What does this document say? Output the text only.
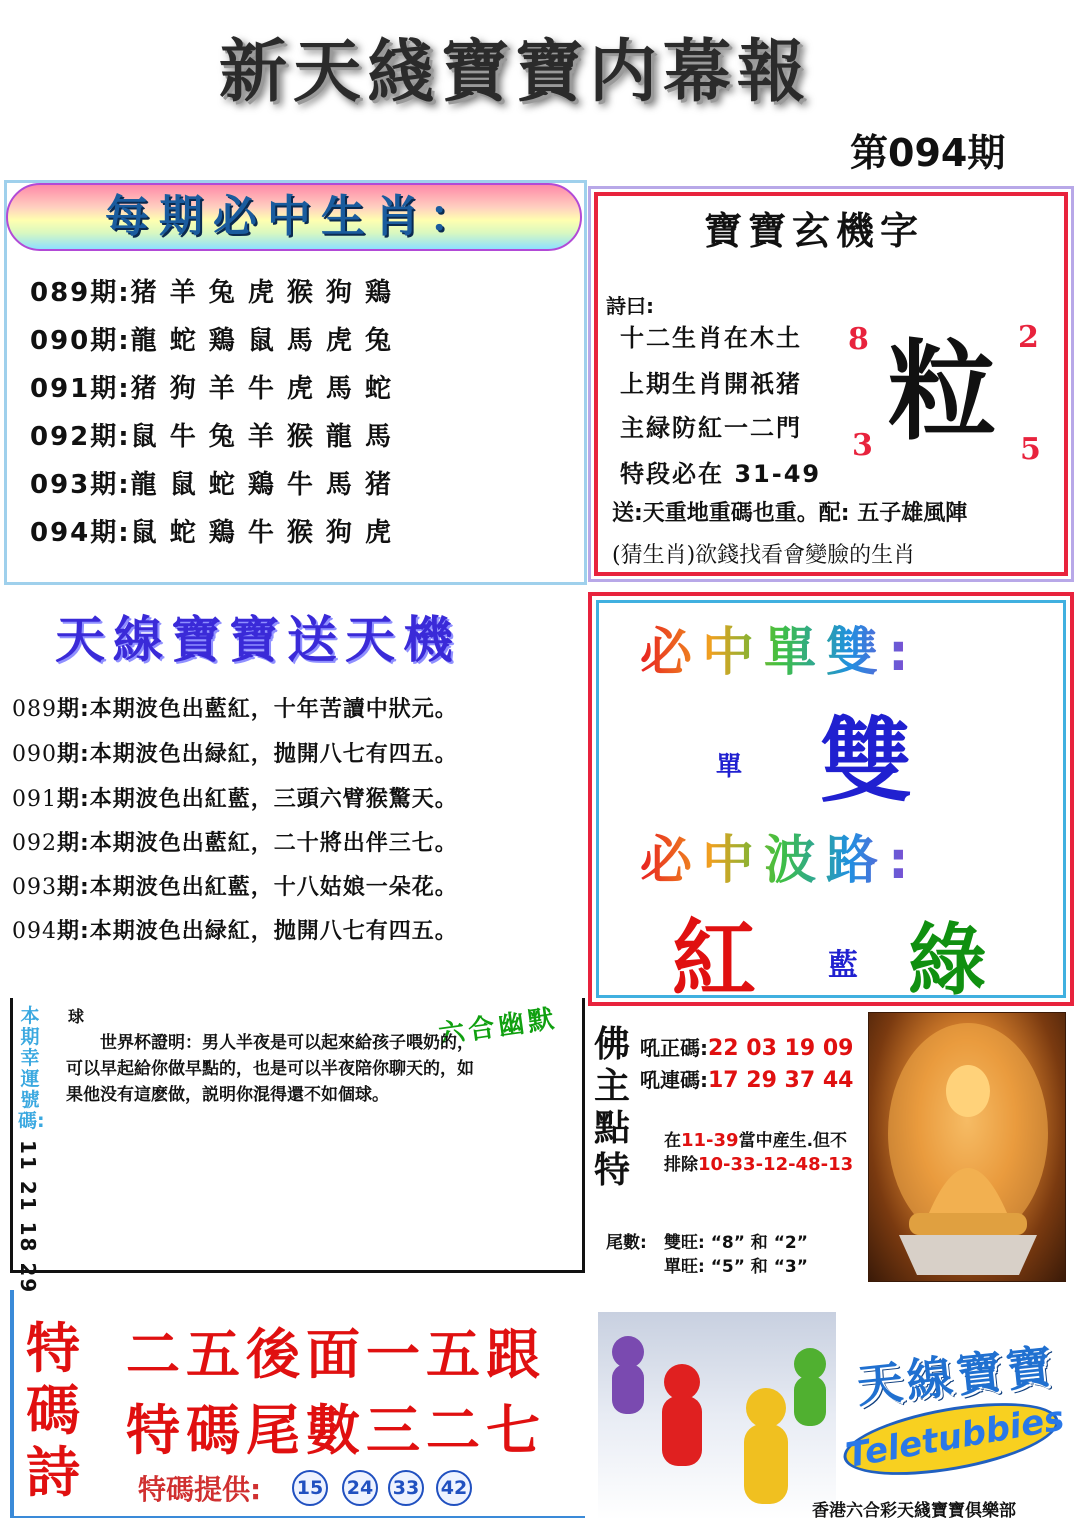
新天綫寶寶内幕報
第094期
每期必中生肖：
089期:猪 羊 兔 虎 猴 狗 鶏
090期:龍 蛇 鶏 鼠 馬 虎 兔
091期:猪 狗 羊 牛 虎 馬 蛇
092期:鼠 牛 兔 羊 猴 龍 馬
093期:龍 鼠 蛇 鶏 牛 馬 猪
094期:鼠 蛇 鶏 牛 猴 狗 虎
寶寶玄機字
詩曰:
十二生肖在木土
上期生肖開祇猪
主緑防紅一二門
特段必在 31-49
粒
8	2
3	5
送:天重地重碼也重。配: 五子雄風陣
(猜生肖)欲錢找看會變臉的生肖
天線寶寶送天機
089期:本期波色出藍紅，十年苦讀中狀元。
090期:本期波色出緑紅，抛開八七有四五。
091期:本期波色出紅藍，三頭六臂猴驚天。
092期:本期波色出藍紅，二十將出伴三七。
093期:本期波色出紅藍，十八姑娘一朵花。
094期:本期波色出緑紅，抛開八七有四五。
必中單雙:
單 雙
必中波路:
紅 藍 綠
本期幸運號碼:
11 21 18 29
球	六合幽默
世界杯證明：男人半夜是可以起來給孩子喂奶的，可以早起給你做早點的，也是可以半夜陪你聊天的，如果他没有這麽做，説明你混得還不如個球。
佛主點特
吼正碼:22 03 19 09
吼連碼:17 29 37 44
在11-39當中産生.但不
排除10-33-12-48-13
尾數: 雙旺: “8” 和 “2”
單旺: “5” 和 “3”
特碼詩
二五後面一五跟
特碼尾數三二七
特碼提供: 15 24 33 42
天線寶寶
Teletubbies
香港六合彩天綫寶寶俱樂部
